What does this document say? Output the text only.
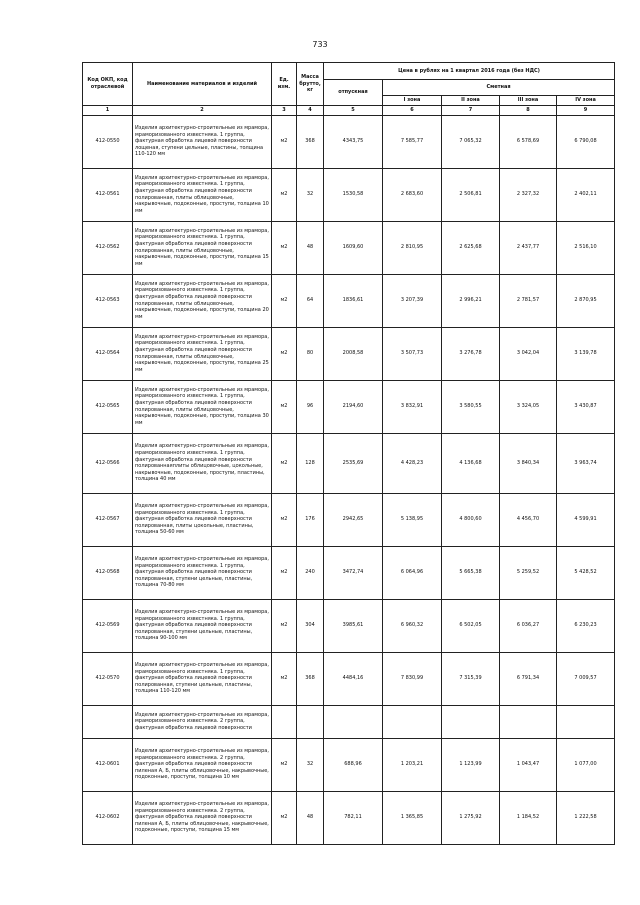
733
Код ОКП, код отраслевой	Наименование материалов и изделий	Ед. изм.	Масса брутто, кг	Цена в рублях на 1 квартал 2016 года (без НДС)				
				отпускная	Сметная			
					I зона	II зона	III зона	IV зона
1	2	3	4	5	6	7	8	9
412-0550	Изделия архитектурно-строительные из мрамора, мраморизованного известняка. 1 группа, фактурная обработка лицевой поверхности лощеная, ступени цельные, пластины, толщина 110-120 мм	м2	368	4343,75	7 585,77	7 065,32	6 578,69	6 790,08
412-0561	Изделия архитектурно-строительные из мрамора, мраморизованного известняка. 1 группа, фактурная обработка лицевой поверхности полированная, плиты облицовочные, накрывочные, подоконные, проступи, толщина 10 мм	м2	32	1530,58	2 683,60	2 506,81	2 327,32	2 402,11
412-0562	Изделия архитектурно-строительные из мрамора, мраморизованного известняка. 1 группа, фактурная обработка лицевой поверхности полированная, плиты облицовочные, накрывочные, подоконные, проступи, толщина 15 мм	м2	48	1609,60	2 810,95	2 625,68	2 437,77	2 516,10
412-0563	Изделия архитектурно-строительные из мрамора, мраморизованного известняка. 1 группа, фактурная обработка лицевой поверхности полированная, плиты облицовочные, накрывочные, подоконные, проступи, толщина 20 мм	м2	64	1836,61	3 207,39	2 996,21	2 781,57	2 870,95
412-0564	Изделия архитектурно-строительные из мрамора, мраморизованного известняка. 1 группа, фактурная обработка лицевой поверхности полированная, плиты облицовочные, накрывочные, подоконные, проступи, толщина 25 мм	м2	80	2008,58	3 507,73	3 276,78	3 042,04	3 139,78
412-0565	Изделия архитектурно-строительные из мрамора, мраморизованного известняка. 1 группа, фактурная обработка лицевой поверхности полированная, плиты облицовочные, накрывочные, подоконные, проступи, толщина 30 мм	м2	96	2194,60	3 832,91	3 580,55	3 324,05	3 430,87
412-0566	Изделия архитектурно-строительные из мрамора, мраморизованного известняка. 1 группа, фактурная обработка лицевой поверхности полированнаяплиты облицовочные, цокольные, накрывочные, подоконные, проступи, пластины, толщина 40 мм	м2	128	2535,69	4 428,23	4 136,68	3 840,34	3 963,74
412-0567	Изделия архитектурно-строительные из мрамора, мраморизованного известняка. 1 группа, фактурная обработка лицевой поверхности полированная, плиты цокольные, пластины, толщина 50-60 мм	м2	176	2942,65	5 138,95	4 800,60	4 456,70	4 599,91
412-0568	Изделия архитектурно-строительные из мрамора, мраморизованного известняка. 1 группа, фактурная обработка лицевой поверхности полированная, ступени цельные, пластины, толщина 70-80 мм	м2	240	3472,74	6 064,96	5 665,38	5 259,52	5 428,52
412-0569	Изделия архитектурно-строительные из мрамора, мраморизованного известняка. 1 группа, фактурная обработка лицевой поверхности полированная, ступени цельные, пластины, толщина 90-100 мм	м2	304	3985,61	6 960,32	6 502,05	6 036,27	6 230,23
412-0570	Изделия архитектурно-строительные из мрамора, мраморизованного известняка. 1 группа, фактурная обработка лицевой поверхности полированная, ступени цельные, пластины, толщина 110-120 мм	м2	368	4484,16	7 830,99	7 315,39	6 791,34	7 009,57
	Изделия архитектурно-строительные из мрамора, мраморизованного известняка. 2 группа, фактурная обработка лицевой поверхности							
412-0601	Изделия архитектурно-строительные из мрамора, мраморизованного известняка. 2 группа, фактурная обработка лицевой поверхности пиленая А, Б, плиты облицовочные, накрывочные, подоконные, проступи, толщина 10 мм	м2	32	688,96	1 203,21	1 123,99	1 043,47	1 077,00
412-0602	Изделия архитектурно-строительные из мрамора, мраморизованного известняка. 2 группа, фактурная обработка лицевой поверхности пиленая А, Б, плиты облицовочные, накрывочные, подоконные, проступи, толщина 15 мм	м2	48	782,11	1 365,85	1 275,92	1 184,52	1 222,58
